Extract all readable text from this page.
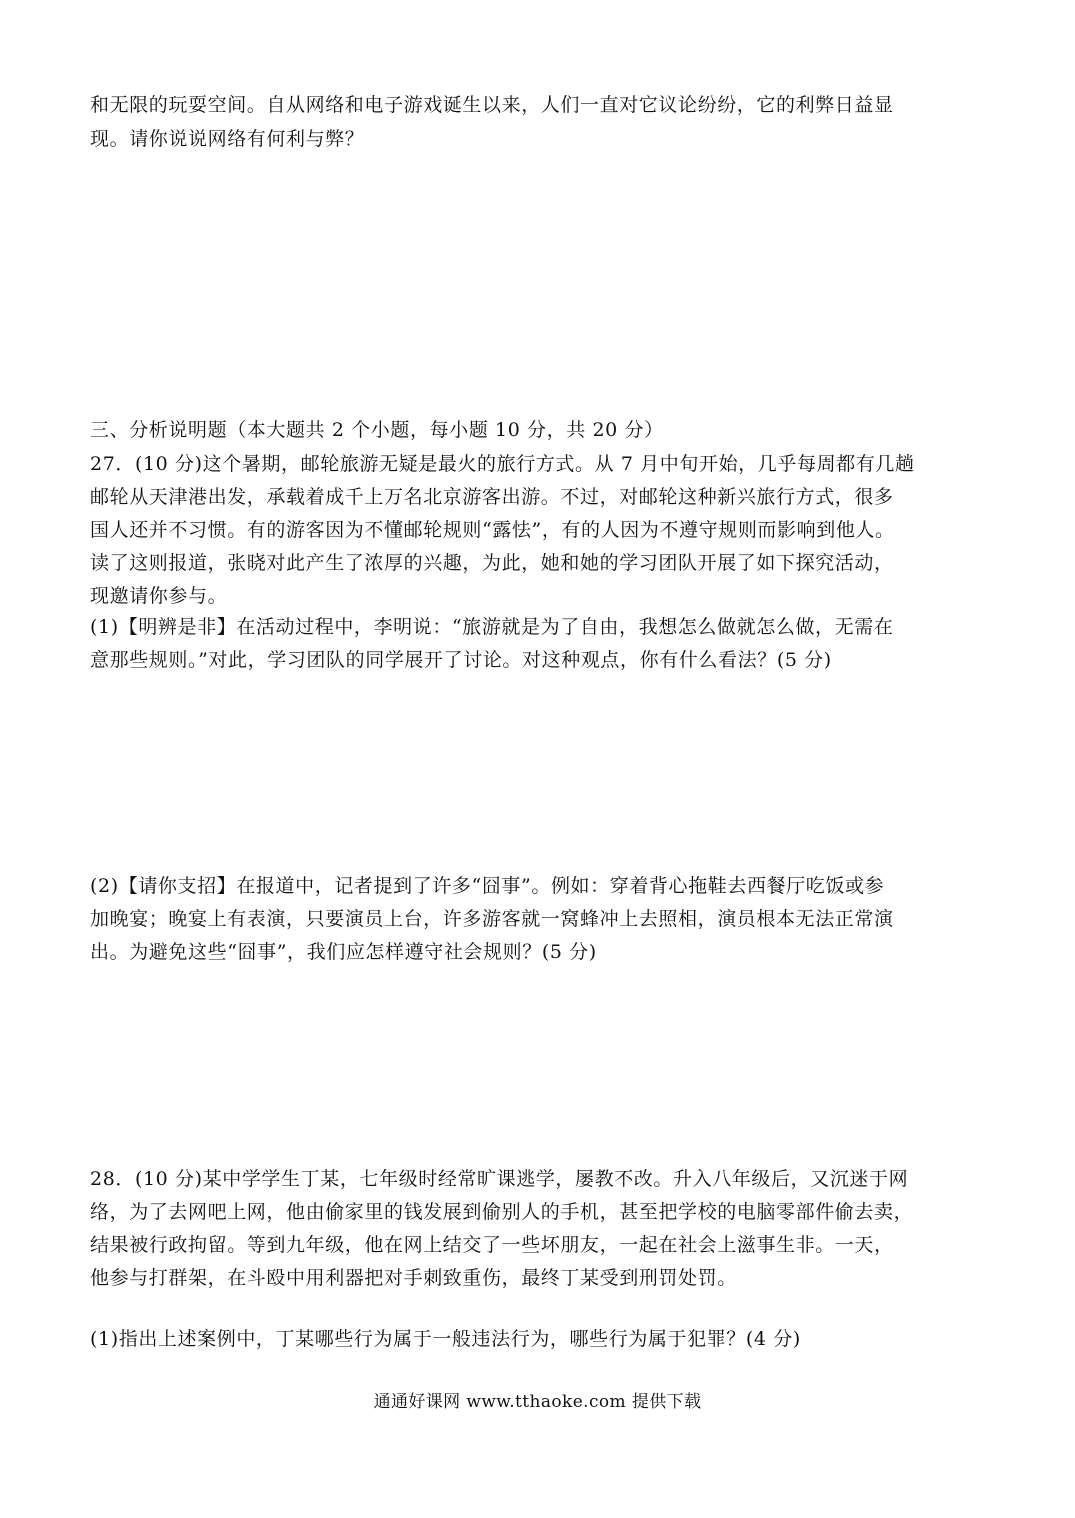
和无限的玩耍空间。自从网络和电子游戏诞生以来，人们一直对它议论纷纷，它的利弊日益显
现。请你说说网络有何利与弊？
三、分析说明题（本大题共 2 个小题，每小题 10 分，共 20 分）
27．(10 分)这个暑期，邮轮旅游无疑是最火的旅行方式。从 7 月中旬开始，几乎每周都有几趟
邮轮从天津港出发，承载着成千上万名北京游客出游。不过，对邮轮这种新兴旅行方式，很多
国人还并不习惯。有的游客因为不懂邮轮规则“露怯”，有的人因为不遵守规则而影响到他人。
读了这则报道，张晓对此产生了浓厚的兴趣，为此，她和她的学习团队开展了如下探究活动，
现邀请你参与。
(1)【明辨是非】在活动过程中，李明说：“旅游就是为了自由，我想怎么做就怎么做，无需在
意那些规则。”对此，学习团队的同学展开了讨论。对这种观点，你有什么看法？(5 分)
(2)【请你支招】在报道中，记者提到了许多“囧事”。例如：穿着背心拖鞋去西餐厅吃饭或参
加晚宴；晚宴上有表演，只要演员上台，许多游客就一窝蜂冲上去照相，演员根本无法正常演
出。为避免这些“囧事”，我们应怎样遵守社会规则？(5 分)
28．(10 分)某中学学生丁某，七年级时经常旷课逃学，屡教不改。升入八年级后，又沉迷于网
络，为了去网吧上网，他由偷家里的钱发展到偷别人的手机，甚至把学校的电脑零部件偷去卖，
结果被行政拘留。等到九年级，他在网上结交了一些坏朋友，一起在社会上滋事生非。一天，
他参与打群架，在斗殴中用利器把对手刺致重伤，最终丁某受到刑罚处罚。
(1)指出上述案例中，丁某哪些行为属于一般违法行为，哪些行为属于犯罪？(4 分)
通通好课网 www.tthaoke.com 提供下载
